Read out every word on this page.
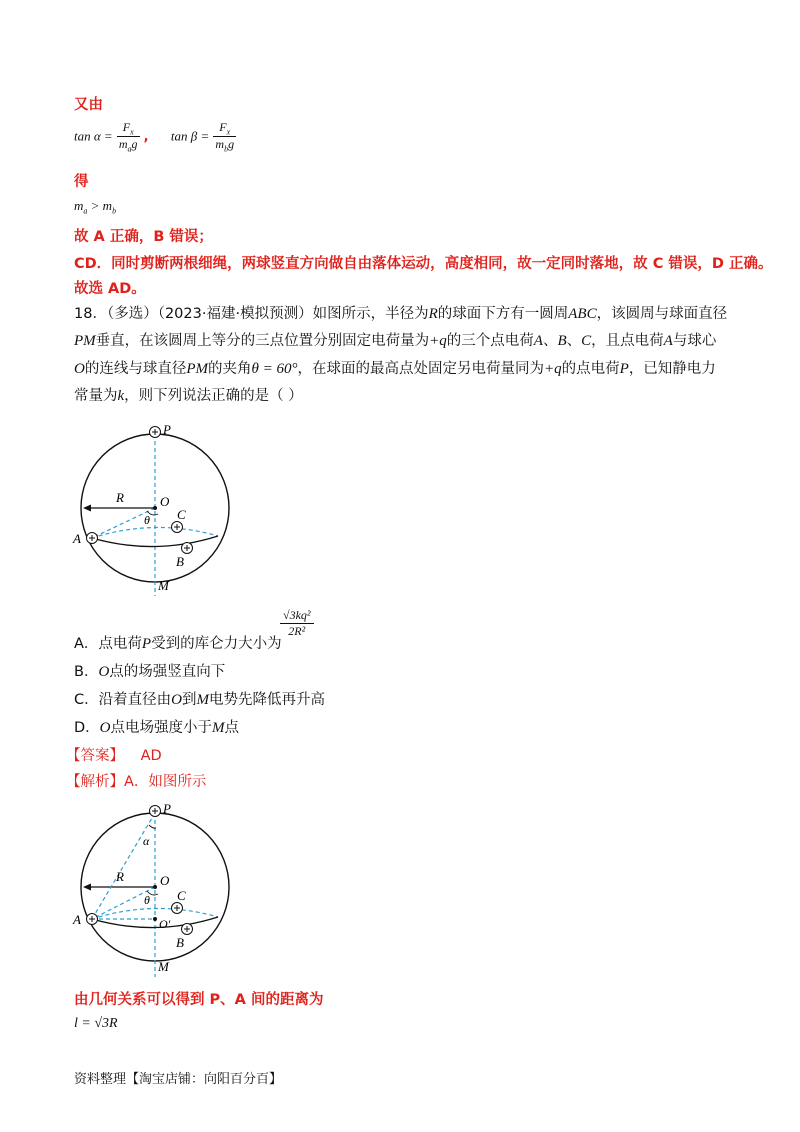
又由
$\tan \alpha = \frac{F_x}{m_ag}$ , $\tan \beta = \frac{F_x}{m_bg}$
得
$m_a > m_b$
故 A 正确，B 错误；
CD．同时剪断两根细绳，两球竖直方向做自由落体运动，高度相同，故一定同时落地，故 C 错误，D 正确。
故选 AD。
18．（多选）（2023·福建·模拟预测）如图所示，半径为R的球面下方有一圆周ABC，该圆周与球面直径
PM垂直，在该圆周上等分的三点位置分别固定电荷量为+q的三个点电荷A、B、C，且点电荷A与球心
O的连线与球直径PM的夹角θ = 60°，在球面的最高点处固定另电荷量同为+q的点电荷P，已知静电力
常量为k，则下列说法正确的是（ ）
P
O
R
θ
A
C
B
M
A．点电荷P受到的库仑力大小为
$\frac{\text{√3kq²}}{\text{2R²}}$
B．O点的场强竖直向下
C．沿着直径由O到M电势先降低再升高
D．O点电场强度小于M点
【答案】 AD
【解析】A．如图所示
P
α
O
R
θ
A
C
O′
B
M
由几何关系可以得到 P、A 间的距离为
l = √3R
资料整理【淘宝店铺：向阳百分百】
